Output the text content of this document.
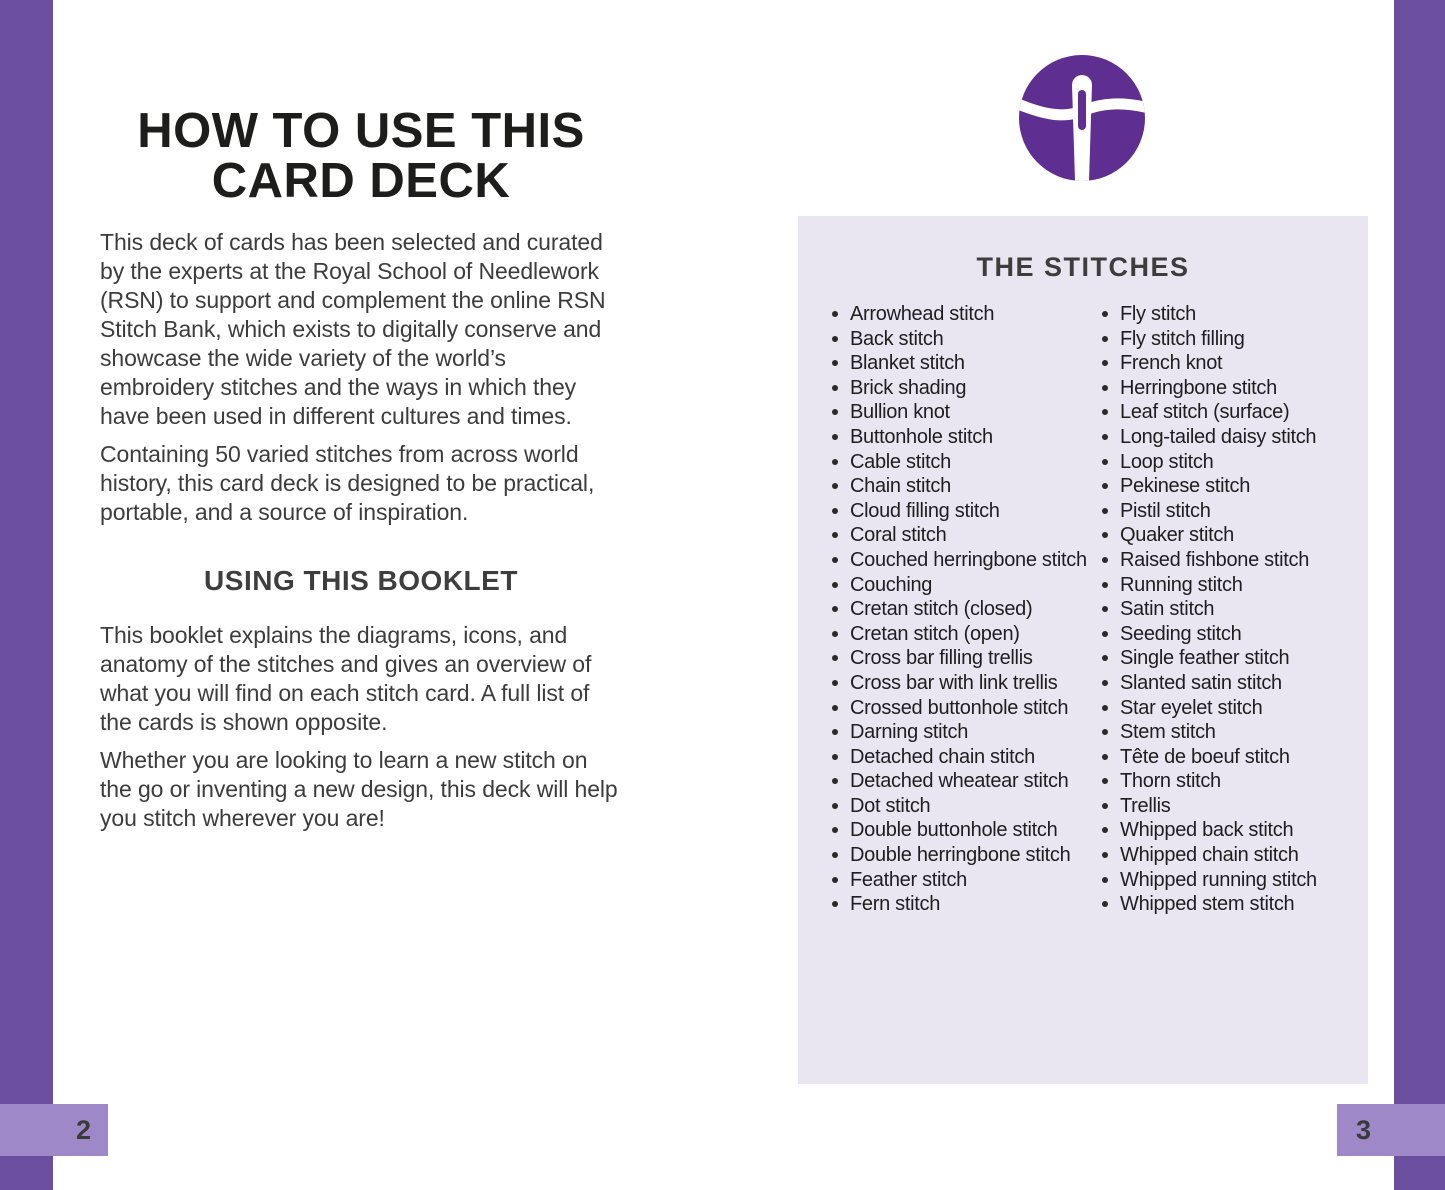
2	3
HOW TO USE THIS
CARD DECK

This deck of cards has been selected and curated by the experts at the Royal School of Needlework (RSN) to support and complement the online RSN Stitch Bank, which exists to digitally conserve and showcase the wide variety of the world’s embroidery stitches and the ways in which they have been used in different cultures and times.

Containing 50 varied stitches from across world history, this card deck is designed to be practical, portable, and a source of inspiration.

USING THIS BOOKLET

This booklet explains the diagrams, icons, and anatomy of the stitches and gives an overview of what you will find on each stitch card. A full list of the cards is shown opposite.

Whether you are looking to learn a new stitch on the go or inventing a new design, this deck will help you stitch wherever you are!

THE STITCHES
Arrowhead stitch
Back stitch
Blanket stitch
Brick shading
Bullion knot
Buttonhole stitch
Cable stitch
Chain stitch
Cloud filling stitch
Coral stitch
Couched herringbone stitch
Couching
Cretan stitch (closed)
Cretan stitch (open)
Cross bar filling trellis
Cross bar with link trellis
Crossed buttonhole stitch
Darning stitch
Detached chain stitch
Detached wheatear stitch
Dot stitch
Double buttonhole stitch
Double herringbone stitch
Feather stitch
Fern stitch
Fly stitch
Fly stitch filling
French knot
Herringbone stitch
Leaf stitch (surface)
Long-tailed daisy stitch
Loop stitch
Pekinese stitch
Pistil stitch
Quaker stitch
Raised fishbone stitch
Running stitch
Satin stitch
Seeding stitch
Single feather stitch
Slanted satin stitch
Star eyelet stitch
Stem stitch
Tête de boeuf stitch
Thorn stitch
Trellis
Whipped back stitch
Whipped chain stitch
Whipped running stitch
Whipped stem stitch
